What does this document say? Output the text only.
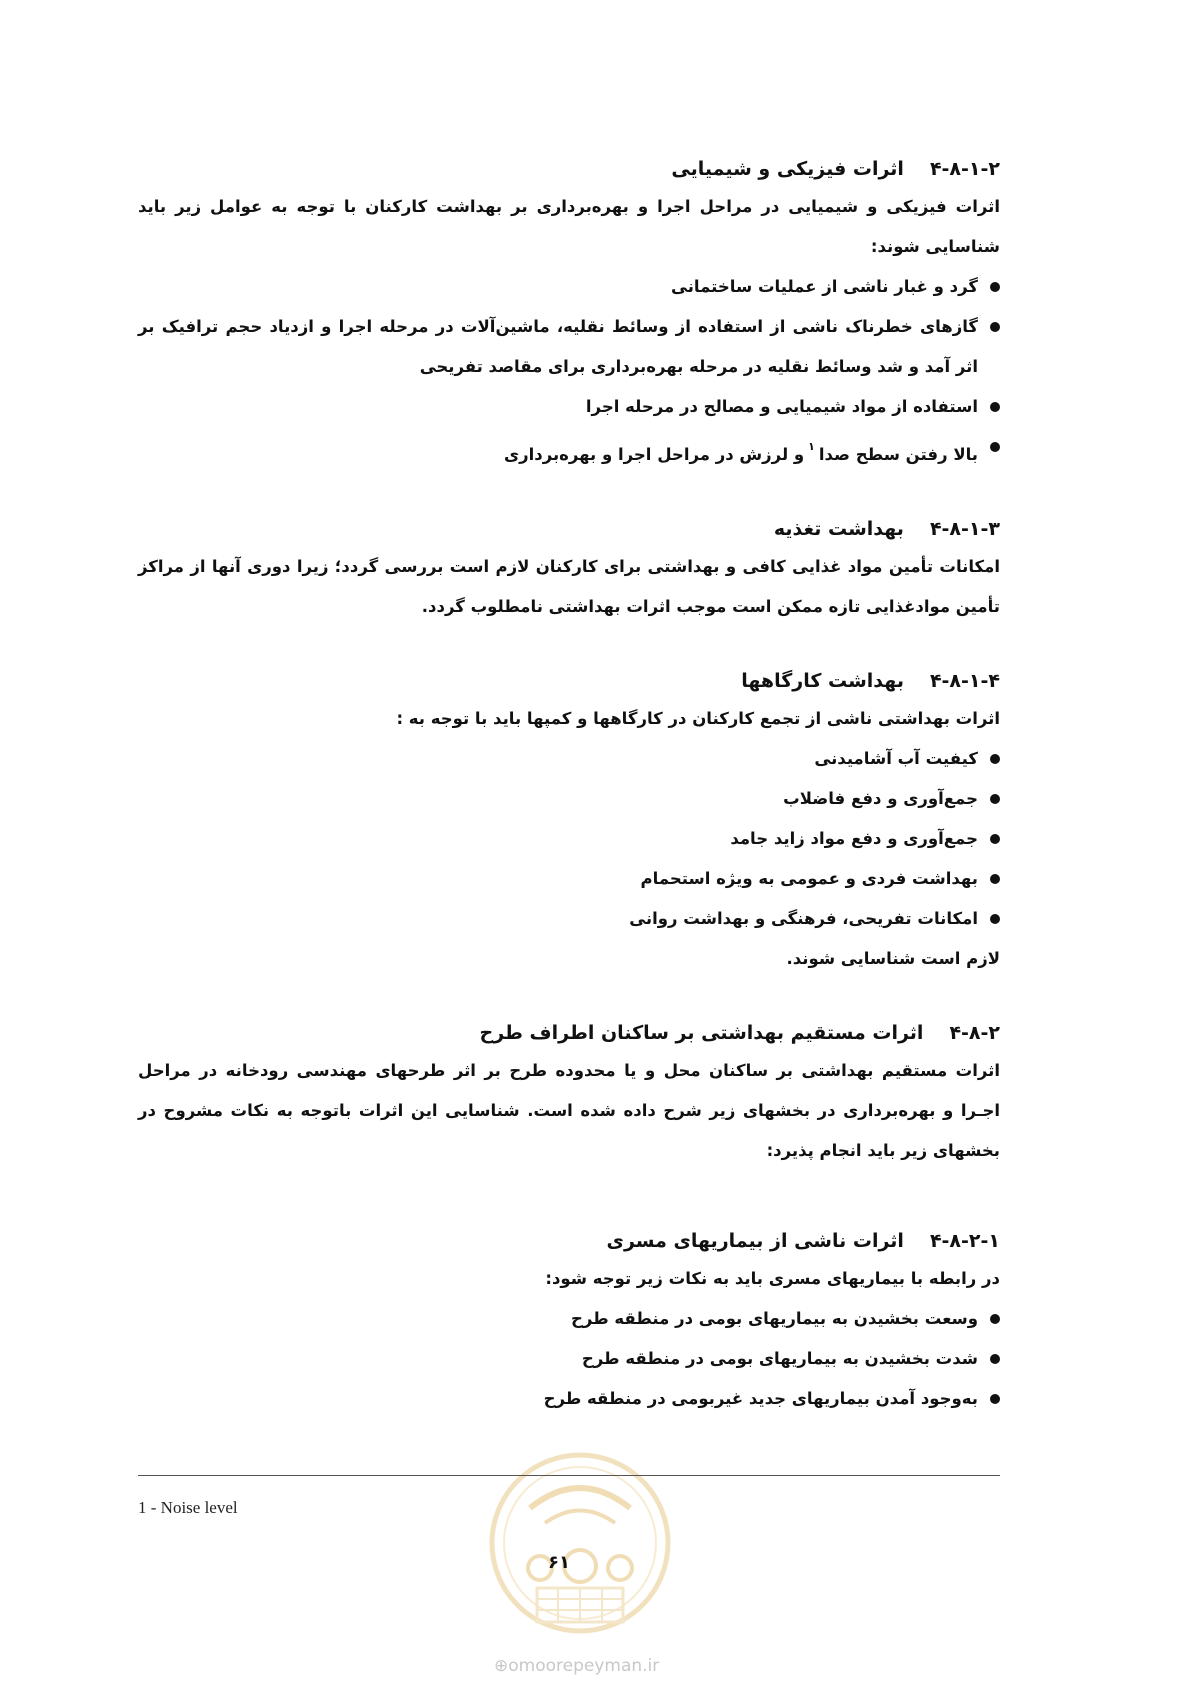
۴-۸-۱-۲اثرات فیزیکی و شیمیایی

اثرات فیزیکی و شیمیایی در مراحل اجرا و بهره‌برداری بر بهداشت کارکنان با توجه به عوامل زیر باید شناسایی شوند:

گرد و غبار ناشی از عملیات ساختمانی
گازهای خطرناک ناشی از استفاده از وسائط نقلیه، ماشین‌آلات در مرحله اجرا و ازدیاد حجم ترافیک بر اثر آمد و شد وسائط نقلیه در مرحله بهره‌برداری برای مقاصد تفریحی
استفاده از مواد شیمیایی و مصالح در مرحله اجرا
بالا رفتن سطح صدا$^۱$و لرزش در مراحل اجرا و بهره‌برداری

۴-۸-۱-۳بهداشت تغذیه

امکانات تأمین مواد غذایی کافی و بهداشتی برای کارکنان لازم است بررسی گردد؛ زیرا دوری آنها از مراکز تأمین موادغذایی تازه ممکن است موجب اثرات بهداشتی نامطلوب گردد.

۴-۸-۱-۴بهداشت کارگاهها

اثرات بهداشتی ناشی از تجمع کارکنان در کارگاهها و کمپها باید با توجه به :

کیفیت آب آشامیدنی
جمع‌آوری و دفع فاضلاب
جمع‌آوری و دفع مواد زاید جامد
بهداشت فردی و عمومی به ویژه استحمام
امکانات تفریحی، فرهنگی و بهداشت روانی

لازم است شناسایی شوند.

۴-۸-۲اثرات مستقیم بهداشتی بر ساکنان اطراف طرح

اثرات مستقیم بهداشتی بر ساکنان محل و یا محدوده طرح بر اثر طرحهای مهندسی رودخانه در مراحل اجـرا و بهره‌برداری در بخشهای زیر شرح داده شده است. شناسایی این اثرات باتوجه به نکات مشروح در بخشهای زیر باید انجام پذیرد:

۴-۸-۲-۱اثرات ناشی از بیماریهای مسری

در رابطه با بیماریهای مسری باید به نکات زیر توجه شود:

وسعت بخشیدن به بیماریهای بومی در منطقه طرح
شدت بخشیدن به بیماریهای بومی در منطقه طرح
به‌وجود آمدن بیماریهای جدید غیربومی در منطقه طرح
1 - Noise level
۶۱
⊕omoorepeyman.ir
